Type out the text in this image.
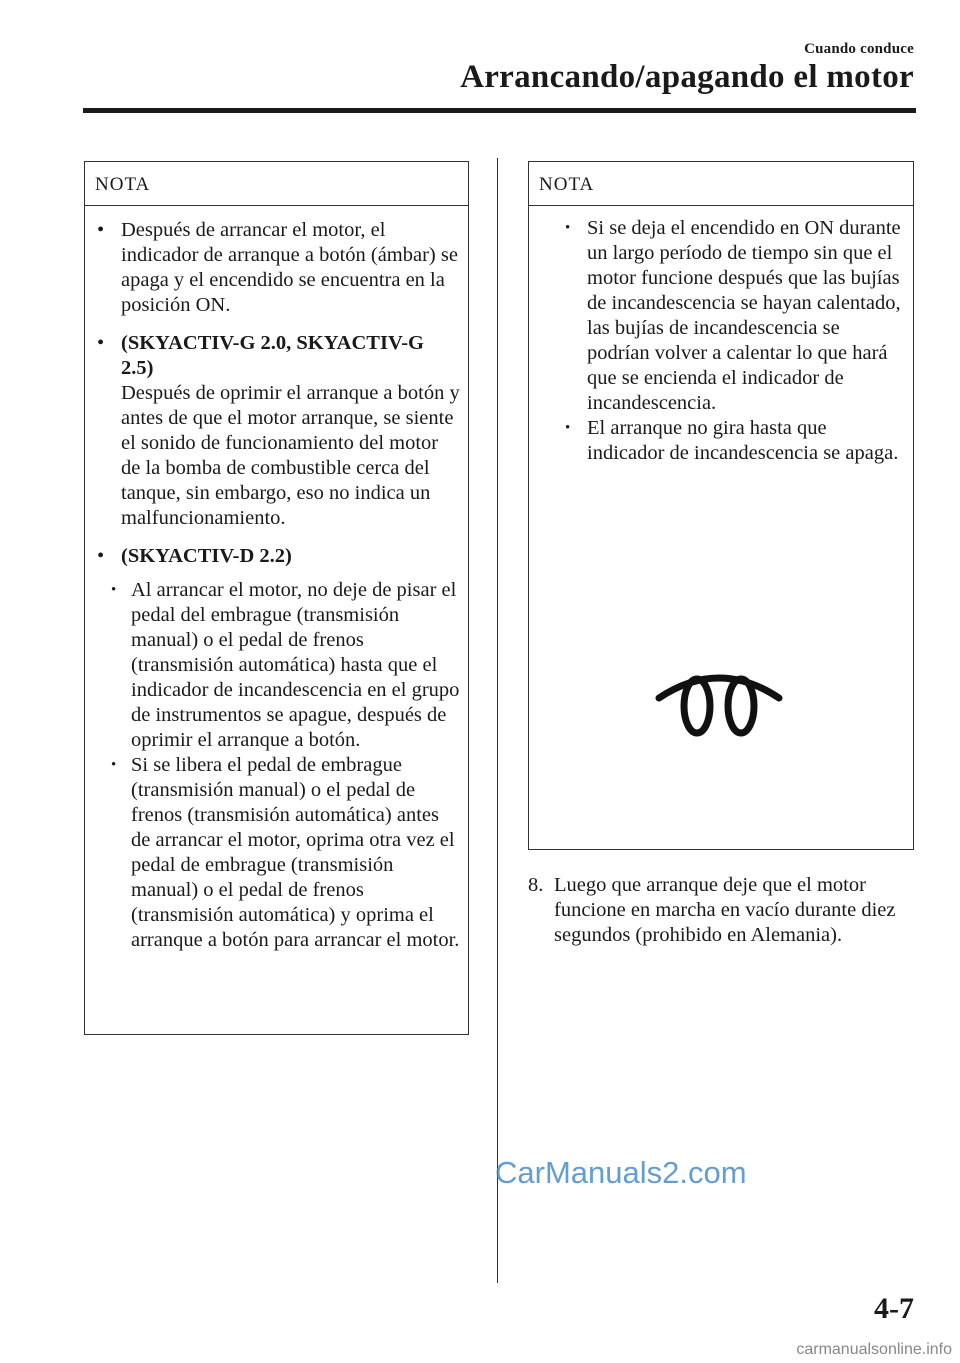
Cuando conduce
Arrancando/apagando el motor
NOTA
• Después de arrancar el motor, el indicador de arranque a botón (ámbar) se apaga y el encendido se encuentra en la posición ON.
• (SKYACTIV-G 2.0, SKYACTIV-G 2.5)
Después de oprimir el arranque a botón y antes de que el motor arranque, se siente el sonido de funcionamiento del motor de la bomba de combustible cerca del tanque, sin embargo, eso no indica un malfuncionamiento.
• (SKYACTIV-D 2.2)
• Al arrancar el motor, no deje de pisar el pedal del embrague (transmisión manual) o el pedal de frenos (transmisión automática) hasta que el indicador de incandescencia en el grupo de instrumentos se apague, después de oprimir el arranque a botón.
• Si se libera el pedal de embrague (transmisión manual) o el pedal de frenos (transmisión automática) antes de arrancar el motor, oprima otra vez el pedal de embrague (transmisión manual) o el pedal de frenos (transmisión automática) y oprima el arranque a botón para arrancar el motor.
NOTA
• Si se deja el encendido en ON durante un largo período de tiempo sin que el motor funcione después que las bujías de incandescencia se hayan calentado, las bujías de incandescencia se podrían volver a calentar lo que hará que se encienda el indicador de incandescencia.
• El arranque no gira hasta que indicador de incandescencia se apaga.
8. Luego que arranque deje que el motor funcione en marcha en vacío durante diez segundos (prohibido en Alemania).
CarManuals2.com
4-7
carmanualsonline.info
